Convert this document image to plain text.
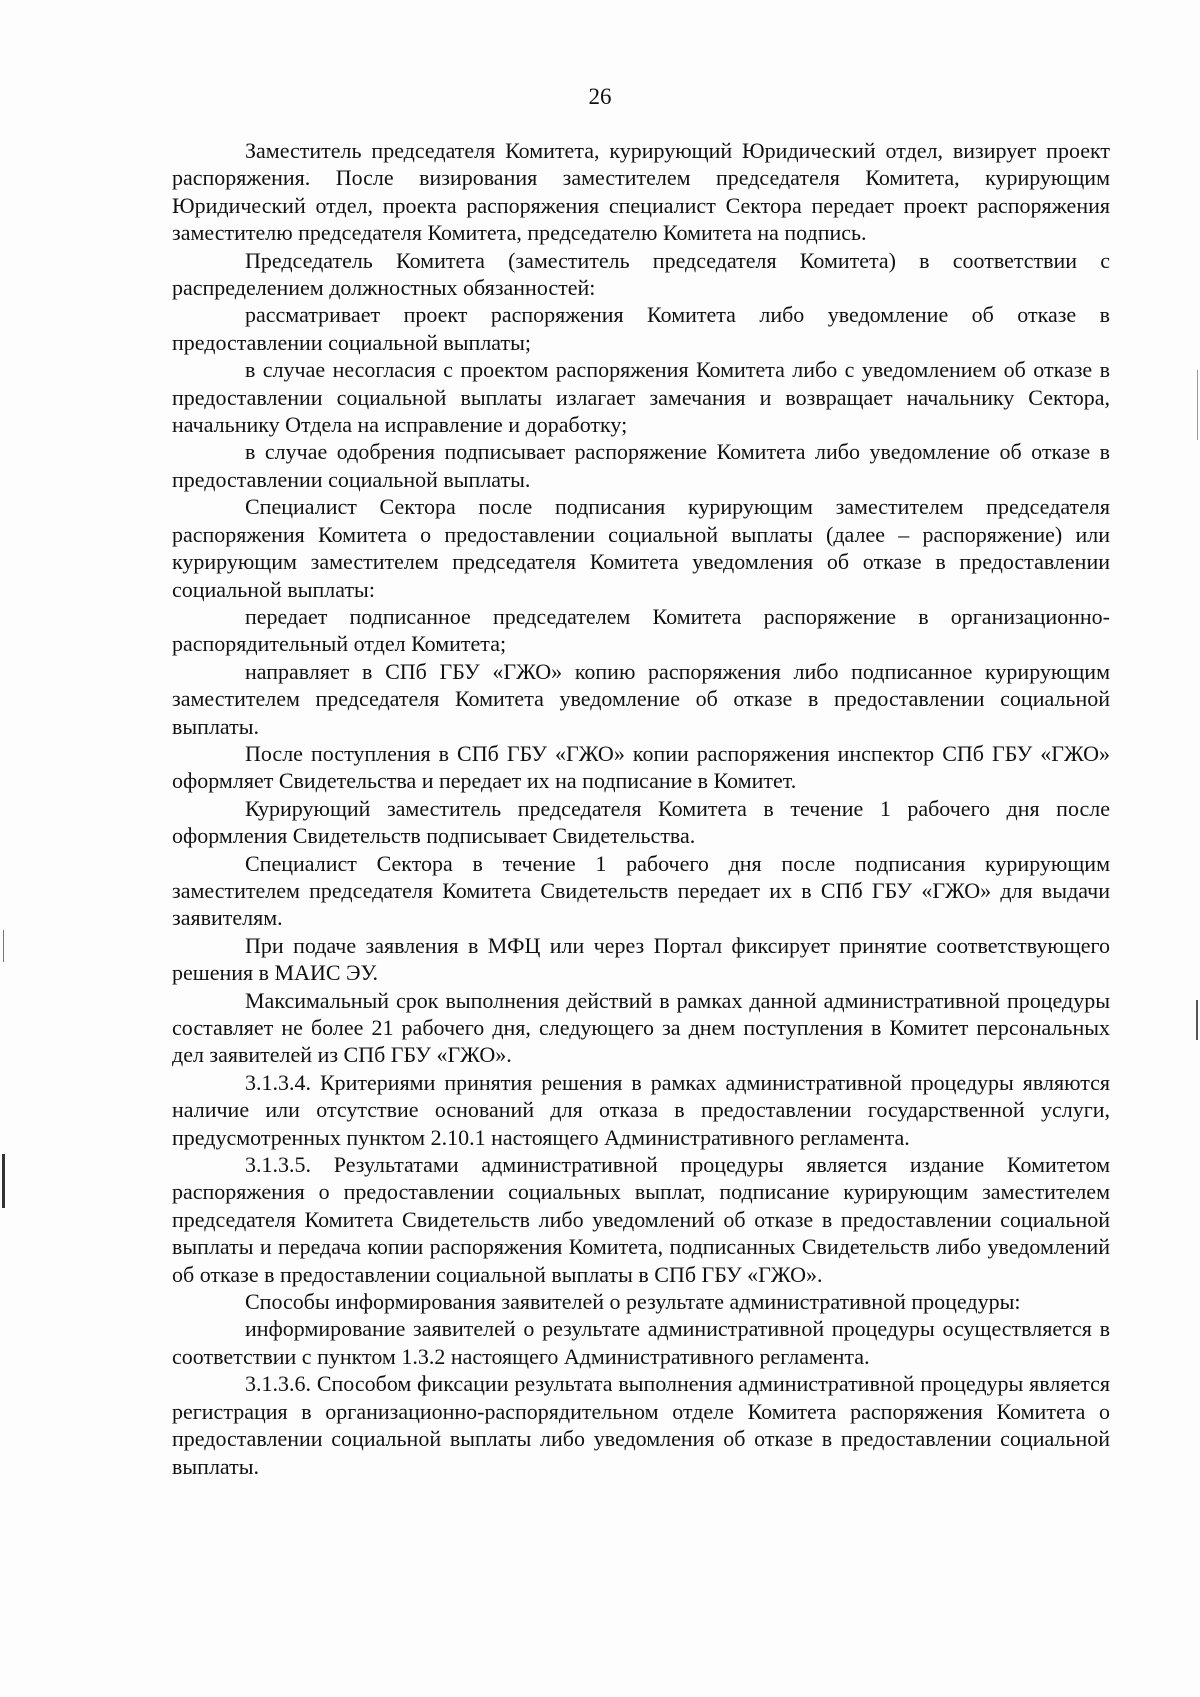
26

Заместитель председателя Комитета, курирующий Юридический отдел, визирует проект распоряжения. После визирования заместителем председателя Комитета, курирующим Юридический отдел, проекта распоряжения специалист Сектора передает проект распоряжения заместителю председателя Комитета, председателю Комитета на подпись.

Председатель Комитета (заместитель председателя Комитета) в соответствии с распределением должностных обязанностей:

рассматривает проект распоряжения Комитета либо уведомление об отказе в предоставлении социальной выплаты;

в случае несогласия с проектом распоряжения Комитета либо с уведомлением об отказе в предоставлении социальной выплаты излагает замечания и возвращает начальнику Сектора, начальнику Отдела на исправление и доработку;

в случае одобрения подписывает распоряжение Комитета либо уведомление об отказе в предоставлении социальной выплаты.

Специалист Сектора после подписания курирующим заместителем председателя распоряжения Комитета о предоставлении социальной выплаты (далее – распоряжение) или курирующим заместителем председателя Комитета уведомления об отказе в предоставлении социальной выплаты:

передает подписанное председателем Комитета распоряжение в организационно-распорядительный отдел Комитета;

направляет в СПб ГБУ «ГЖО» копию распоряжения либо подписанное курирующим заместителем председателя Комитета уведомление об отказе в предоставлении социальной выплаты.

После поступления в СПб ГБУ «ГЖО» копии распоряжения инспектор СПб ГБУ «ГЖО» оформляет Свидетельства и передает их на подписание в Комитет.

Курирующий заместитель председателя Комитета в течение 1 рабочего дня после оформления Свидетельств подписывает Свидетельства.

Специалист Сектора в течение 1 рабочего дня после подписания курирующим заместителем председателя Комитета Свидетельств передает их в СПб ГБУ «ГЖО» для выдачи заявителям.

При подаче заявления в МФЦ или через Портал фиксирует принятие соответствующего решения в МАИС ЭУ.

Максимальный срок выполнения действий в рамках данной административной процедуры составляет не более 21 рабочего дня, следующего за днем поступления в Комитет персональных дел заявителей из СПб ГБУ «ГЖО».

3.1.3.4. Критериями принятия решения в рамках административной процедуры являются наличие или отсутствие оснований для отказа в предоставлении государственной услуги, предусмотренных пунктом 2.10.1 настоящего Административного регламента.

3.1.3.5. Результатами административной процедуры является издание Комитетом распоряжения о предоставлении социальных выплат, подписание курирующим заместителем председателя Комитета Свидетельств либо уведомлений об отказе в предоставлении социальной выплаты и передача копии распоряжения Комитета, подписанных Свидетельств либо уведомлений об отказе в предоставлении социальной выплаты в СПб ГБУ «ГЖО».

Способы информирования заявителей о результате административной процедуры:

информирование заявителей о результате административной процедуры осуществляется в соответствии с пунктом 1.3.2 настоящего Административного регламента.

3.1.3.6. Способом фиксации результата выполнения административной процедуры является регистрация в организационно-распорядительном отделе Комитета распоряжения Комитета о предоставлении социальной выплаты либо уведомления об отказе в предоставлении социальной выплаты.
